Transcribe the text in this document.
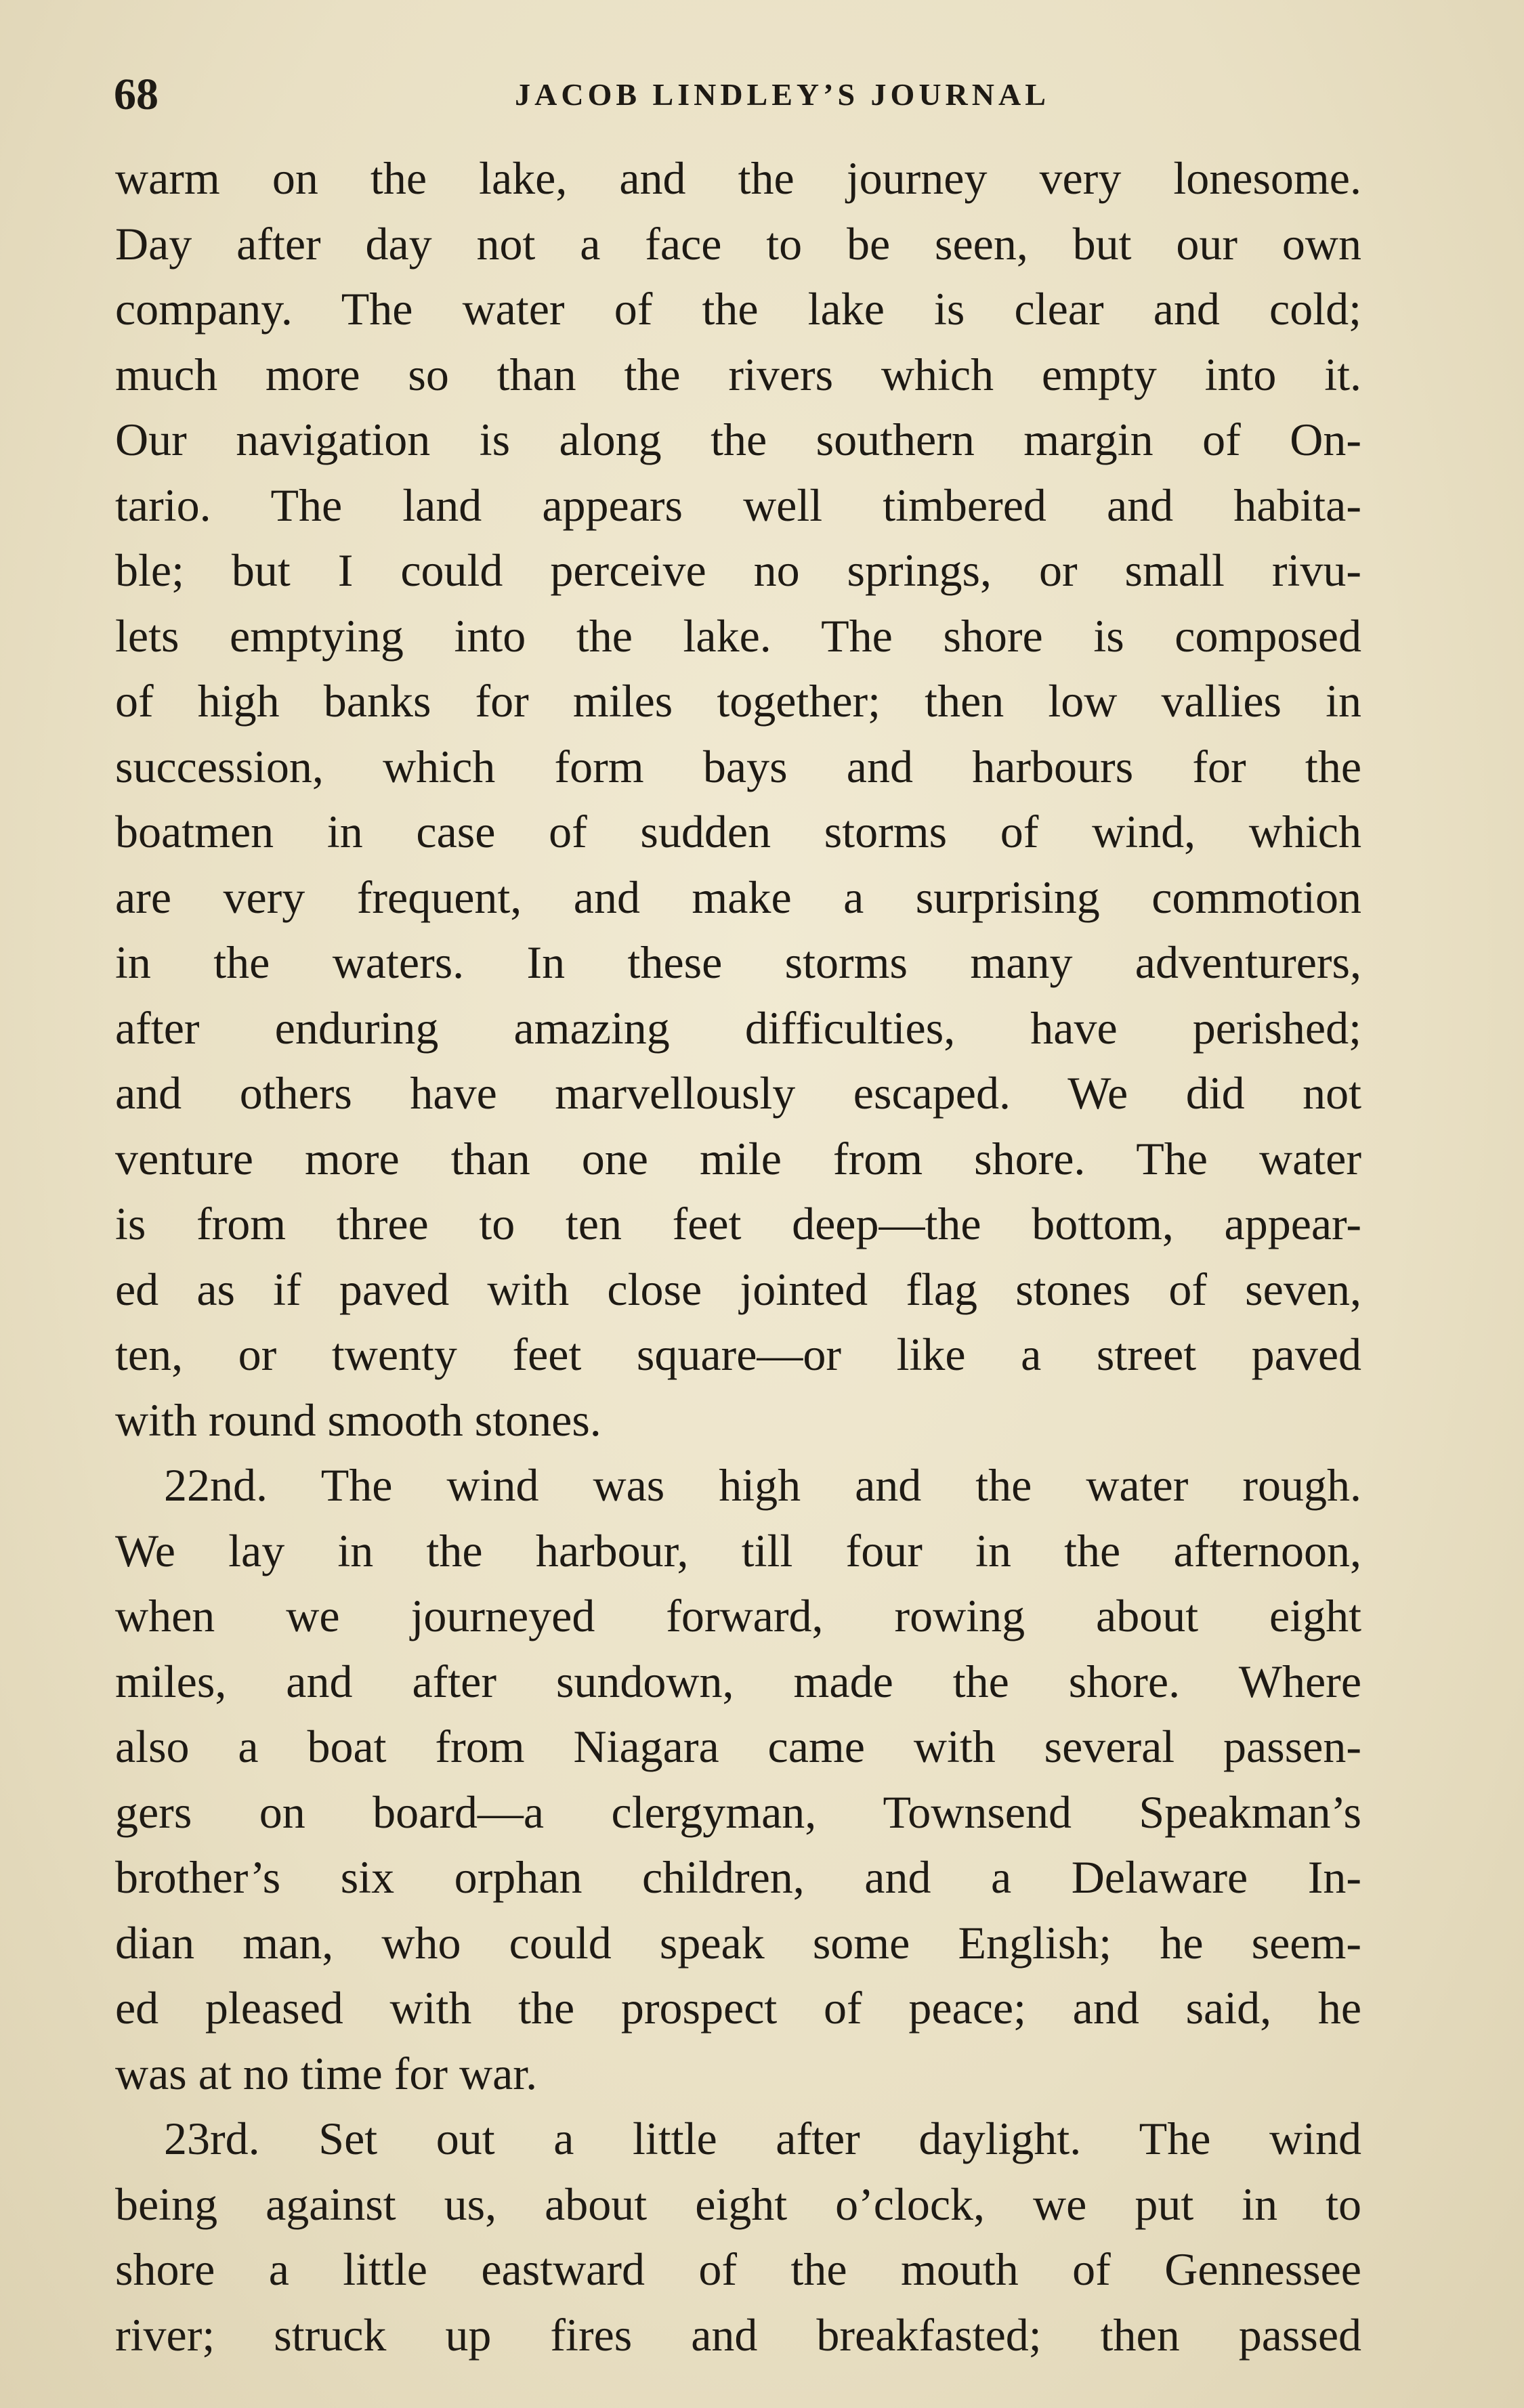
68	JACOB LINDLEY’S JOURNAL
warm on the lake, and the journey very lonesome.
Day after day not a face to be seen, but our own
company. The water of the lake is clear and cold;
much more so than the rivers which empty into it.
Our navigation is along the southern margin of On-
tario. The land appears well timbered and habita-
ble; but I could perceive no springs, or small rivu-
lets emptying into the lake. The shore is composed
of high banks for miles together; then low vallies in
succession, which form bays and harbours for the
boatmen in case of sudden storms of wind, which
are very frequent, and make a surprising commotion
in the waters. In these storms many adventurers,
after enduring amazing difficulties, have perished;
and others have marvellously escaped. We did not
venture more than one mile from shore. The water
is from three to ten feet deep—the bottom, appear-
ed as if paved with close jointed flag stones of seven,
ten, or twenty feet square—or like a street paved
with round smooth stones.
22nd. The wind was high and the water rough.
We lay in the harbour, till four in the afternoon,
when we journeyed forward, rowing about eight
miles, and after sundown, made the shore. Where
also a boat from Niagara came with several passen-
gers on board—a clergyman, Townsend Speakman’s
brother’s six orphan children, and a Delaware In-
dian man, who could speak some English; he seem-
ed pleased with the prospect of peace; and said, he
was at no time for war.
23rd. Set out a little after daylight. The wind
being against us, about eight o’clock, we put in to
shore a little eastward of the mouth of Gennessee
river; struck up fires and breakfasted; then passed
